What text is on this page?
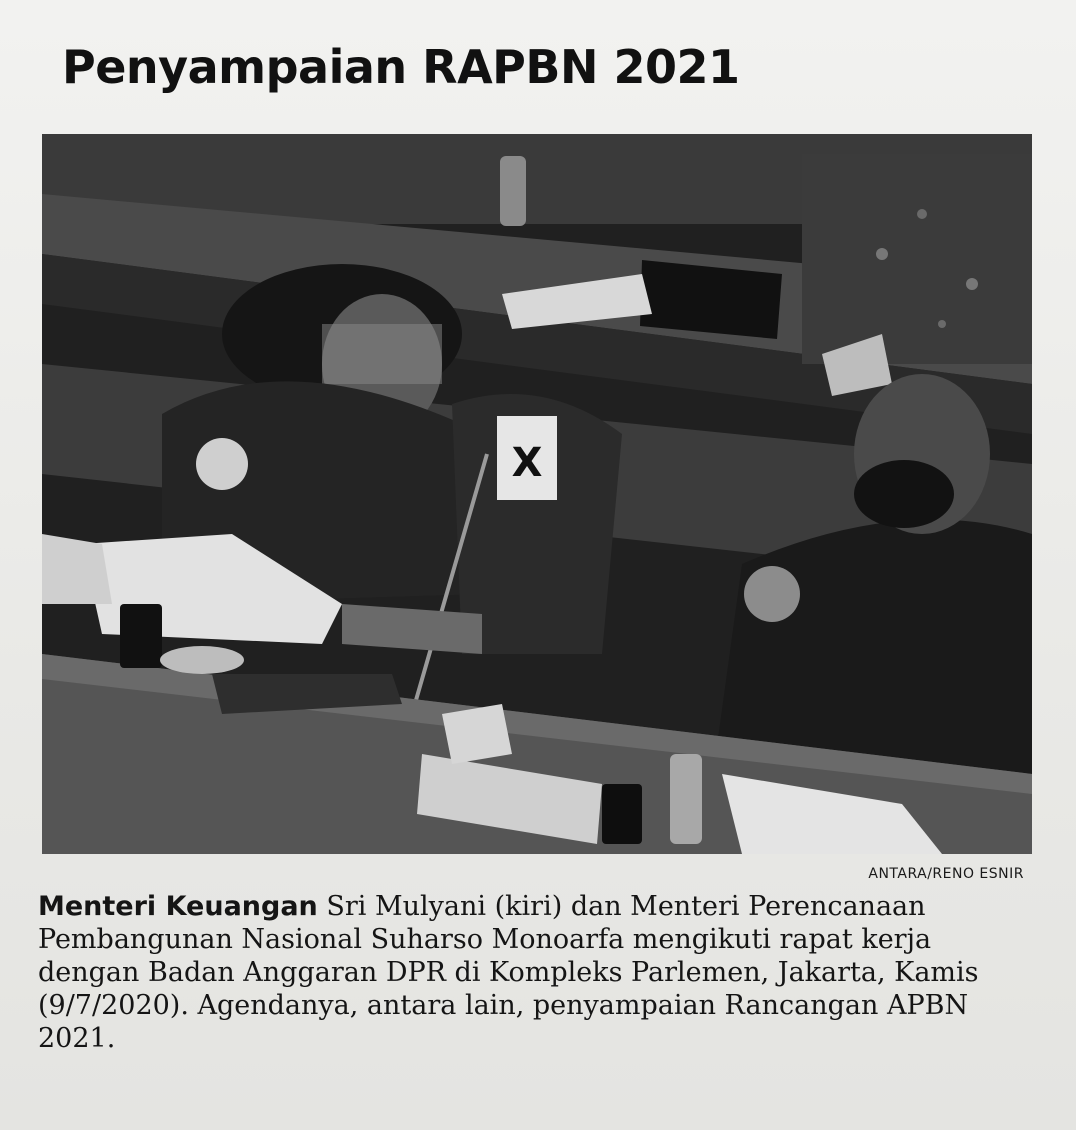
Penyampaian RAPBN 2021
X
ANTARA/RENO ESNIR
Menteri Keuangan Sri Mulyani (kiri) dan Menteri Perencanaan Pembangunan Nasional Suharso Monoarfa mengikuti rapat kerja dengan Badan Anggaran DPR di Kompleks Parlemen, Jakarta, Kamis (9/7/2020). Agendanya, antara lain, penyampaian Rancangan APBN 2021.
